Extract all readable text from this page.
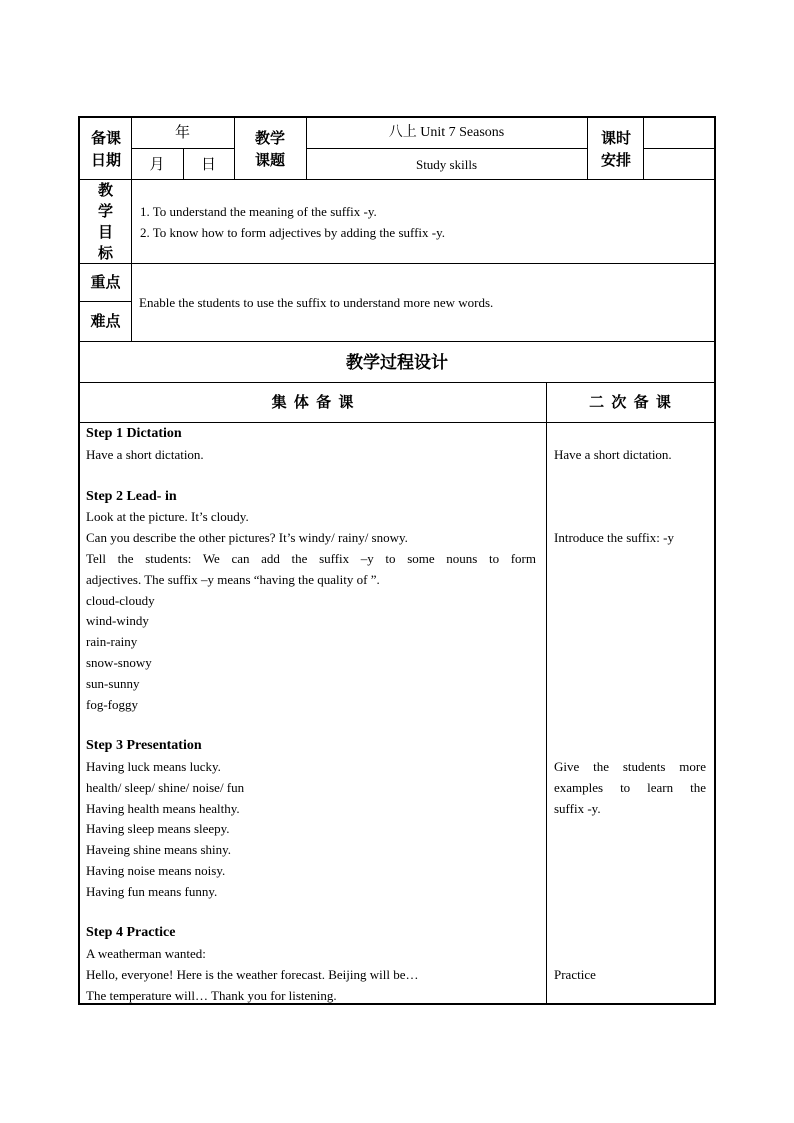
备课日期
年
月	日
教学课题
八上 Unit 7 Seasons
Study skills
课时安排
教
学
目
标
1. To understand the meaning of the suffix -y.
2. To know how to form adjectives by adding the suffix -y.
重点
难点
Enable the students to use the suffix to understand more new words.
教学过程设计
集 体 备 课	二 次 备 课
Step 1 Dictation
Have a short dictation.
Step 2 Lead- in
Look at the picture. It’s cloudy.
Can you describe the other pictures? It’s windy/ rainy/ snowy.
Tell the students: We can add the suffix –y to some nouns to form
adjectives. The suffix –y means “having the quality of ”.
cloud-cloudy
wind-windy
rain-rainy
snow-snowy
sun-sunny
fog-foggy
Step 3 Presentation
Having luck means lucky.
health/ sleep/ shine/ noise/ fun
Having health means healthy.
Having sleep means sleepy.
Haveing shine means shiny.
Having noise means noisy.
Having fun means funny.
Step 4 Practice
A weatherman wanted:
Hello, everyone! Here is the weather forecast. Beijing will be…
The temperature will… Thank you for listening.
Have a short dictation.
Introduce the suffix: -y
Give the students more
examples to learn the
suffix -y.
Practice
